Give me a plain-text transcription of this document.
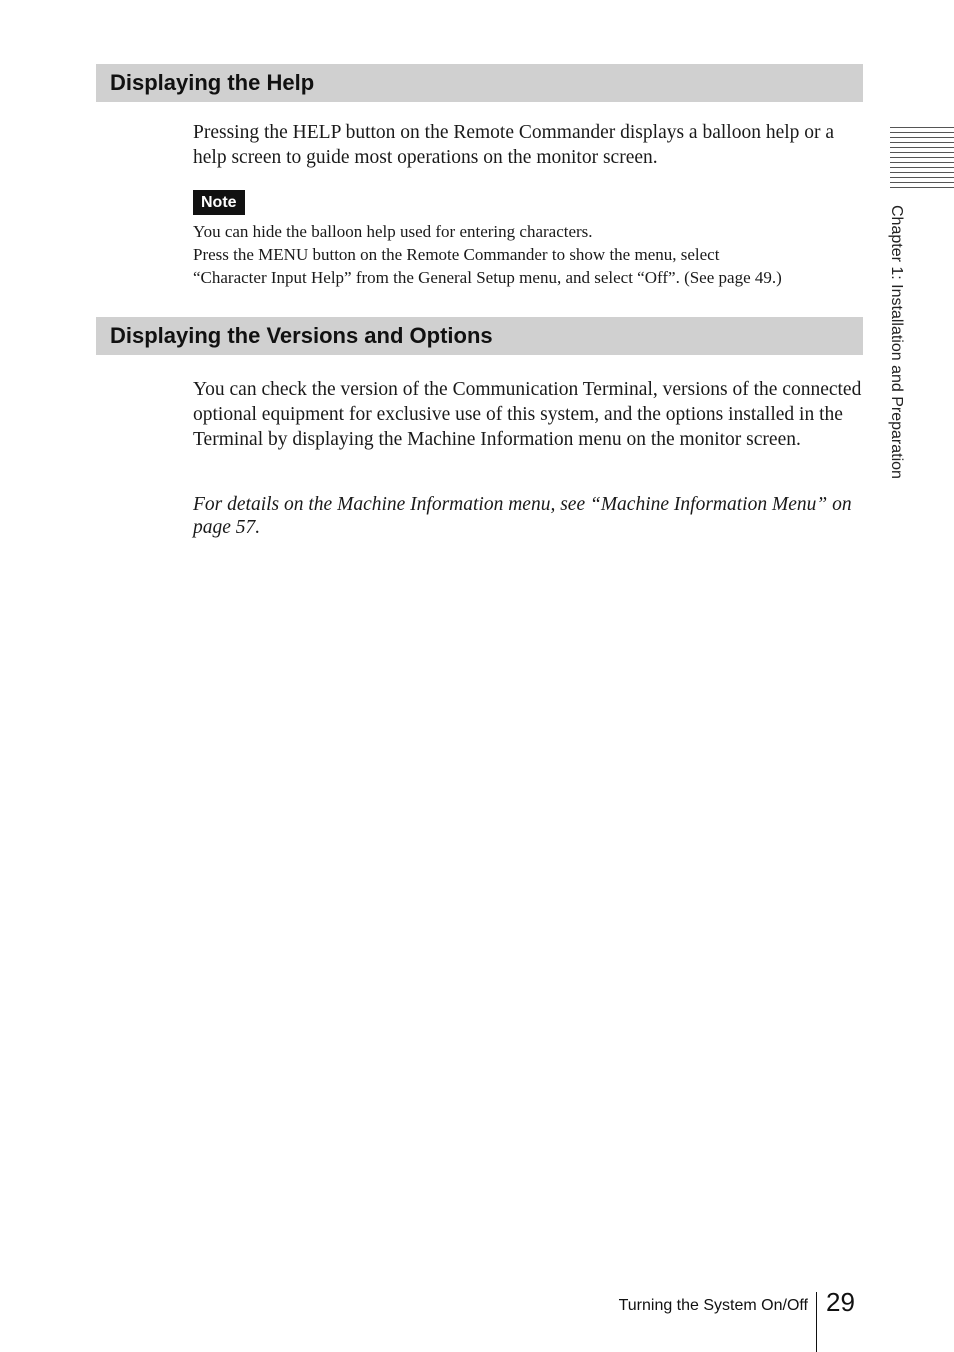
Displaying the Help

Pressing the HELP button on the Remote Commander displays a balloon help or a help screen to guide most operations on the monitor screen.

Note

You can hide the balloon help used for entering characters.
Press the MENU button on the Remote Commander to show the menu, select
“Character Input Help” from the General Setup menu, and select “Off”. (See page 49.)

Displaying the Versions and Options

You can check the version of the Communication Terminal, versions of the connected optional equipment for exclusive use of this system, and the options installed in the Terminal by displaying the Machine Information menu on the monitor screen.

For details on the Machine Information menu, see “Machine Information Menu” on page 57.

Chapter 1: Installation and Preparation
Turning the System On/Off 29
